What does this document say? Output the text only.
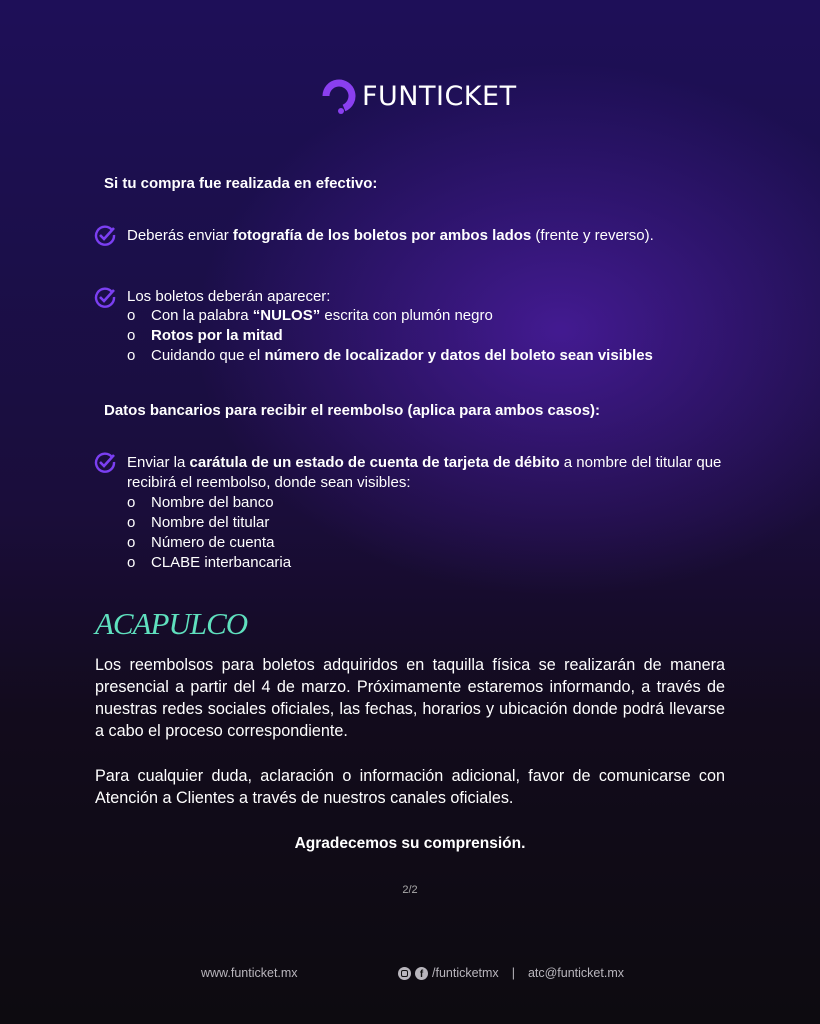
FUNTICKET
Si tu compra fue realizada en efectivo:
Deberás enviar fotografía de los boletos por ambos lados (frente y reverso).
Los boletos deberán aparecer:
o Con la palabra “NULOS” escrita con plumón negro
o Rotos por la mitad
o Cuidando que el número de localizador y datos del boleto sean visibles
Datos bancarios para recibir el reembolso (aplica para ambos casos):
Enviar la carátula de un estado de cuenta de tarjeta de débito a nombre del titular que
recibirá el reembolso, donde sean visibles:
o Nombre del banco
o Nombre del titular
o Número de cuenta
o CLABE interbancaria
ACAPULCO

Los reembolsos para boletos adquiridos en taquilla física se realizarán de manera presencial a partir del 4 de marzo. Próximamente estaremos informando, a través de nuestras redes sociales oficiales, las fechas, horarios y ubicación donde podrá llevarse a cabo el proceso correspondiente.

Para cualquier duda, aclaración o información adicional, favor de comunicarse con Atención a Clientes a través de nuestros canales oficiales.

Agradecemos su comprensión.
2/2
www.funticket.mx	f /funticketmx | atc@funticket.mx
